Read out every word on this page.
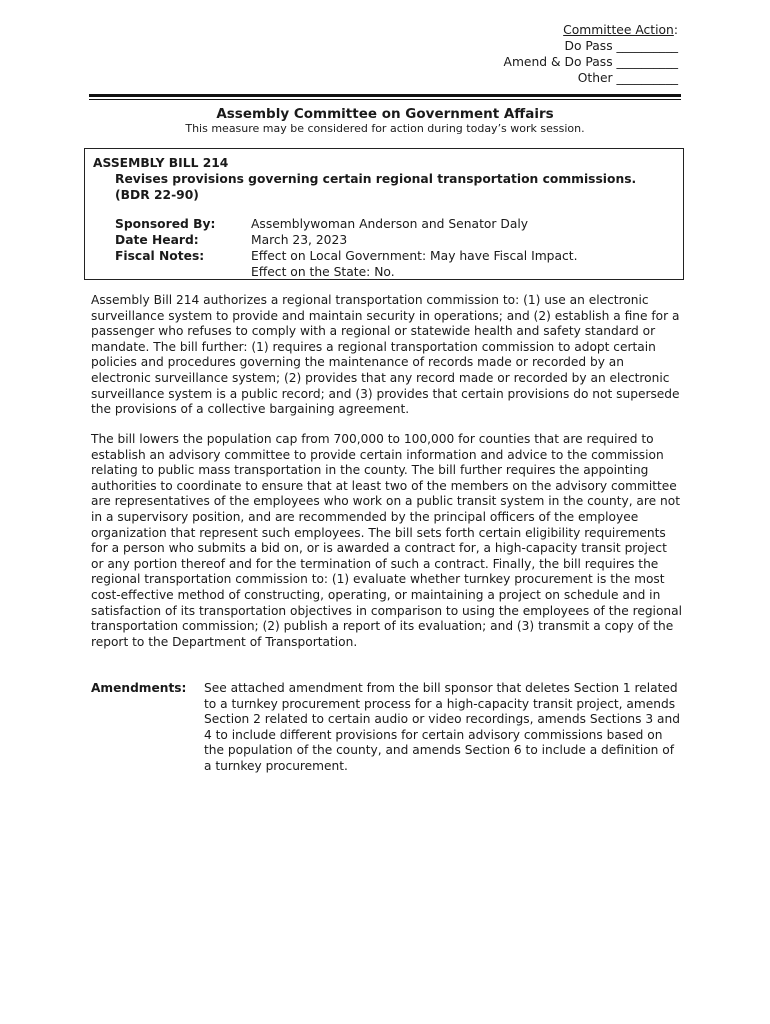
Committee Action:
Do Pass __________
Amend & Do Pass __________
Other __________
Assembly Committee on Government Affairs
This measure may be considered for action during today’s work session.
ASSEMBLY BILL 214
Revises provisions governing certain regional transportation commissions.
(BDR 22-90)
Sponsored By:	Assemblywoman Anderson and Senator Daly
Date Heard:	March 23, 2023
Fiscal Notes:	Effect on Local Government: May have Fiscal Impact.
Effect on the State: No.

Assembly Bill 214 authorizes a regional transportation commission to: (1) use an electronic surveillance system to provide and maintain security in operations; and (2) establish a fine for a passenger who refuses to comply with a regional or statewide health and safety standard or mandate. The bill further: (1) requires a regional transportation commission to adopt certain policies and procedures governing the maintenance of records made or recorded by an electronic surveillance system; (2) provides that any record made or recorded by an electronic surveillance system is a public record; and (3) provides that certain provisions do not supersede the provisions of a collective bargaining agreement.

The bill lowers the population cap from 700,000 to 100,000 for counties that are required to establish an advisory committee to provide certain information and advice to the commission relating to public mass transportation in the county. The bill further requires the appointing authorities to coordinate to ensure that at least two of the members on the advisory committee are representatives of the employees who work on a public transit system in the county, are not in a supervisory position, and are recommended by the principal officers of the employee organization that represent such employees. The bill sets forth certain eligibility requirements for a person who submits a bid on, or is awarded a contract for, a high-capacity transit project or any portion thereof and for the termination of such a contract. Finally, the bill requires the regional transportation commission to: (1) evaluate whether turnkey procurement is the most cost-effective method of constructing, operating, or maintaining a project on schedule and in satisfaction of its transportation objectives in comparison to using the employees of the regional transportation commission; (2) publish a report of its evaluation; and (3) transmit a copy of the report to the Department of Transportation.

Amendments: See attached amendment from the bill sponsor that deletes Section 1 related to a turnkey procurement process for a high-capacity transit project, amends Section 2 related to certain audio or video recordings, amends Sections 3 and 4 to include different provisions for certain advisory commissions based on the population of the county, and amends Section 6 to include a definition of a turnkey procurement.
